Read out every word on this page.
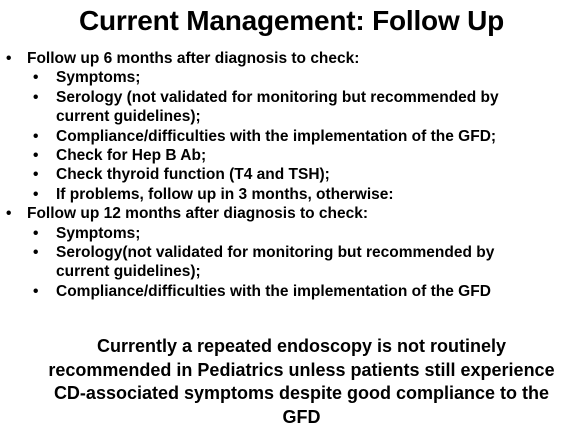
Current Management: Follow Up
• Follow up 6 months after diagnosis to check:
• Symptoms;
• Serology (not validated for monitoring but recommended by current guidelines);
• Compliance/difficulties with the implementation of the GFD;
• Check for Hep B Ab;
• Check thyroid function (T4 and TSH);
• If problems, follow up in 3 months, otherwise:
• Follow up 12 months after diagnosis to check:
• Symptoms;
• Serology(not validated for monitoring but recommended by current guidelines);
• Compliance/difficulties with the implementation of the GFD

Currently a repeated endoscopy is not routinely recommended in Pediatrics unless patients still experience CD-associated symptoms despite good compliance to the GFD
